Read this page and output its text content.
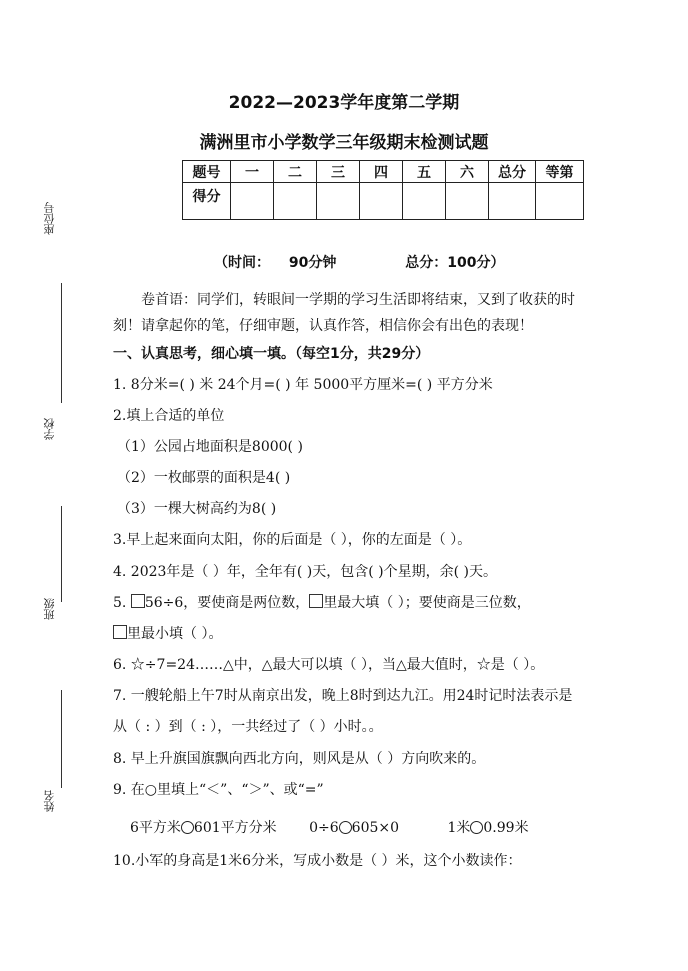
2022—2023学年度第二学期
满洲里市小学数学三年级期末检测试题
题号	一	二	三	四	五	六	总分	等第
得分								
座位号
学校
班级
姓名
（时间： 90分钟	总分：100分）
卷首语：同学们，转眼间一学期的学习生活即将结束，又到了收获的时
刻！请拿起你的笔，仔细审题，认真作答，相信你会有出色的表现！
一、认真思考，细心填一填。（每空1分，共29分）
1. 8分米=( ) 米 24个月=( ) 年 5000平方厘米=( ) 平方分米
2.填上合适的单位
（1）公园占地面积是8000( )
（2）一枚邮票的面积是4( )
（3）一棵大树高约为8( )
3.早上起来面向太阳，你的后面是（ ），你的左面是（ ）。
4. 2023年是（ ）年，全年有( )天，包含( )个星期，余( )天。
5. 56÷6，要使商是两位数， 里最大填（ ）；要使商是三位数，
里最小填（ ）。
6. ☆÷7=24……△中，△最大可以填（ ），当△最大值时，☆是（ ）。
7. 一艘轮船上午7时从南京出发，晚上8时到达九江。用24时记时法表示是
从（ : ）到（ : ），一共经过了（ ）小时。。
8. 早上升旗国旗飘向西北方向，则风是从（ ）方向吹来的。
9. 在○里填上“＜”、“＞”、或“=”
6平方米 601平方分米 0÷6 605×0	1米 0.99米
10.小军的身高是1米6分米，写成小数是（ ）米，这个小数读作：
